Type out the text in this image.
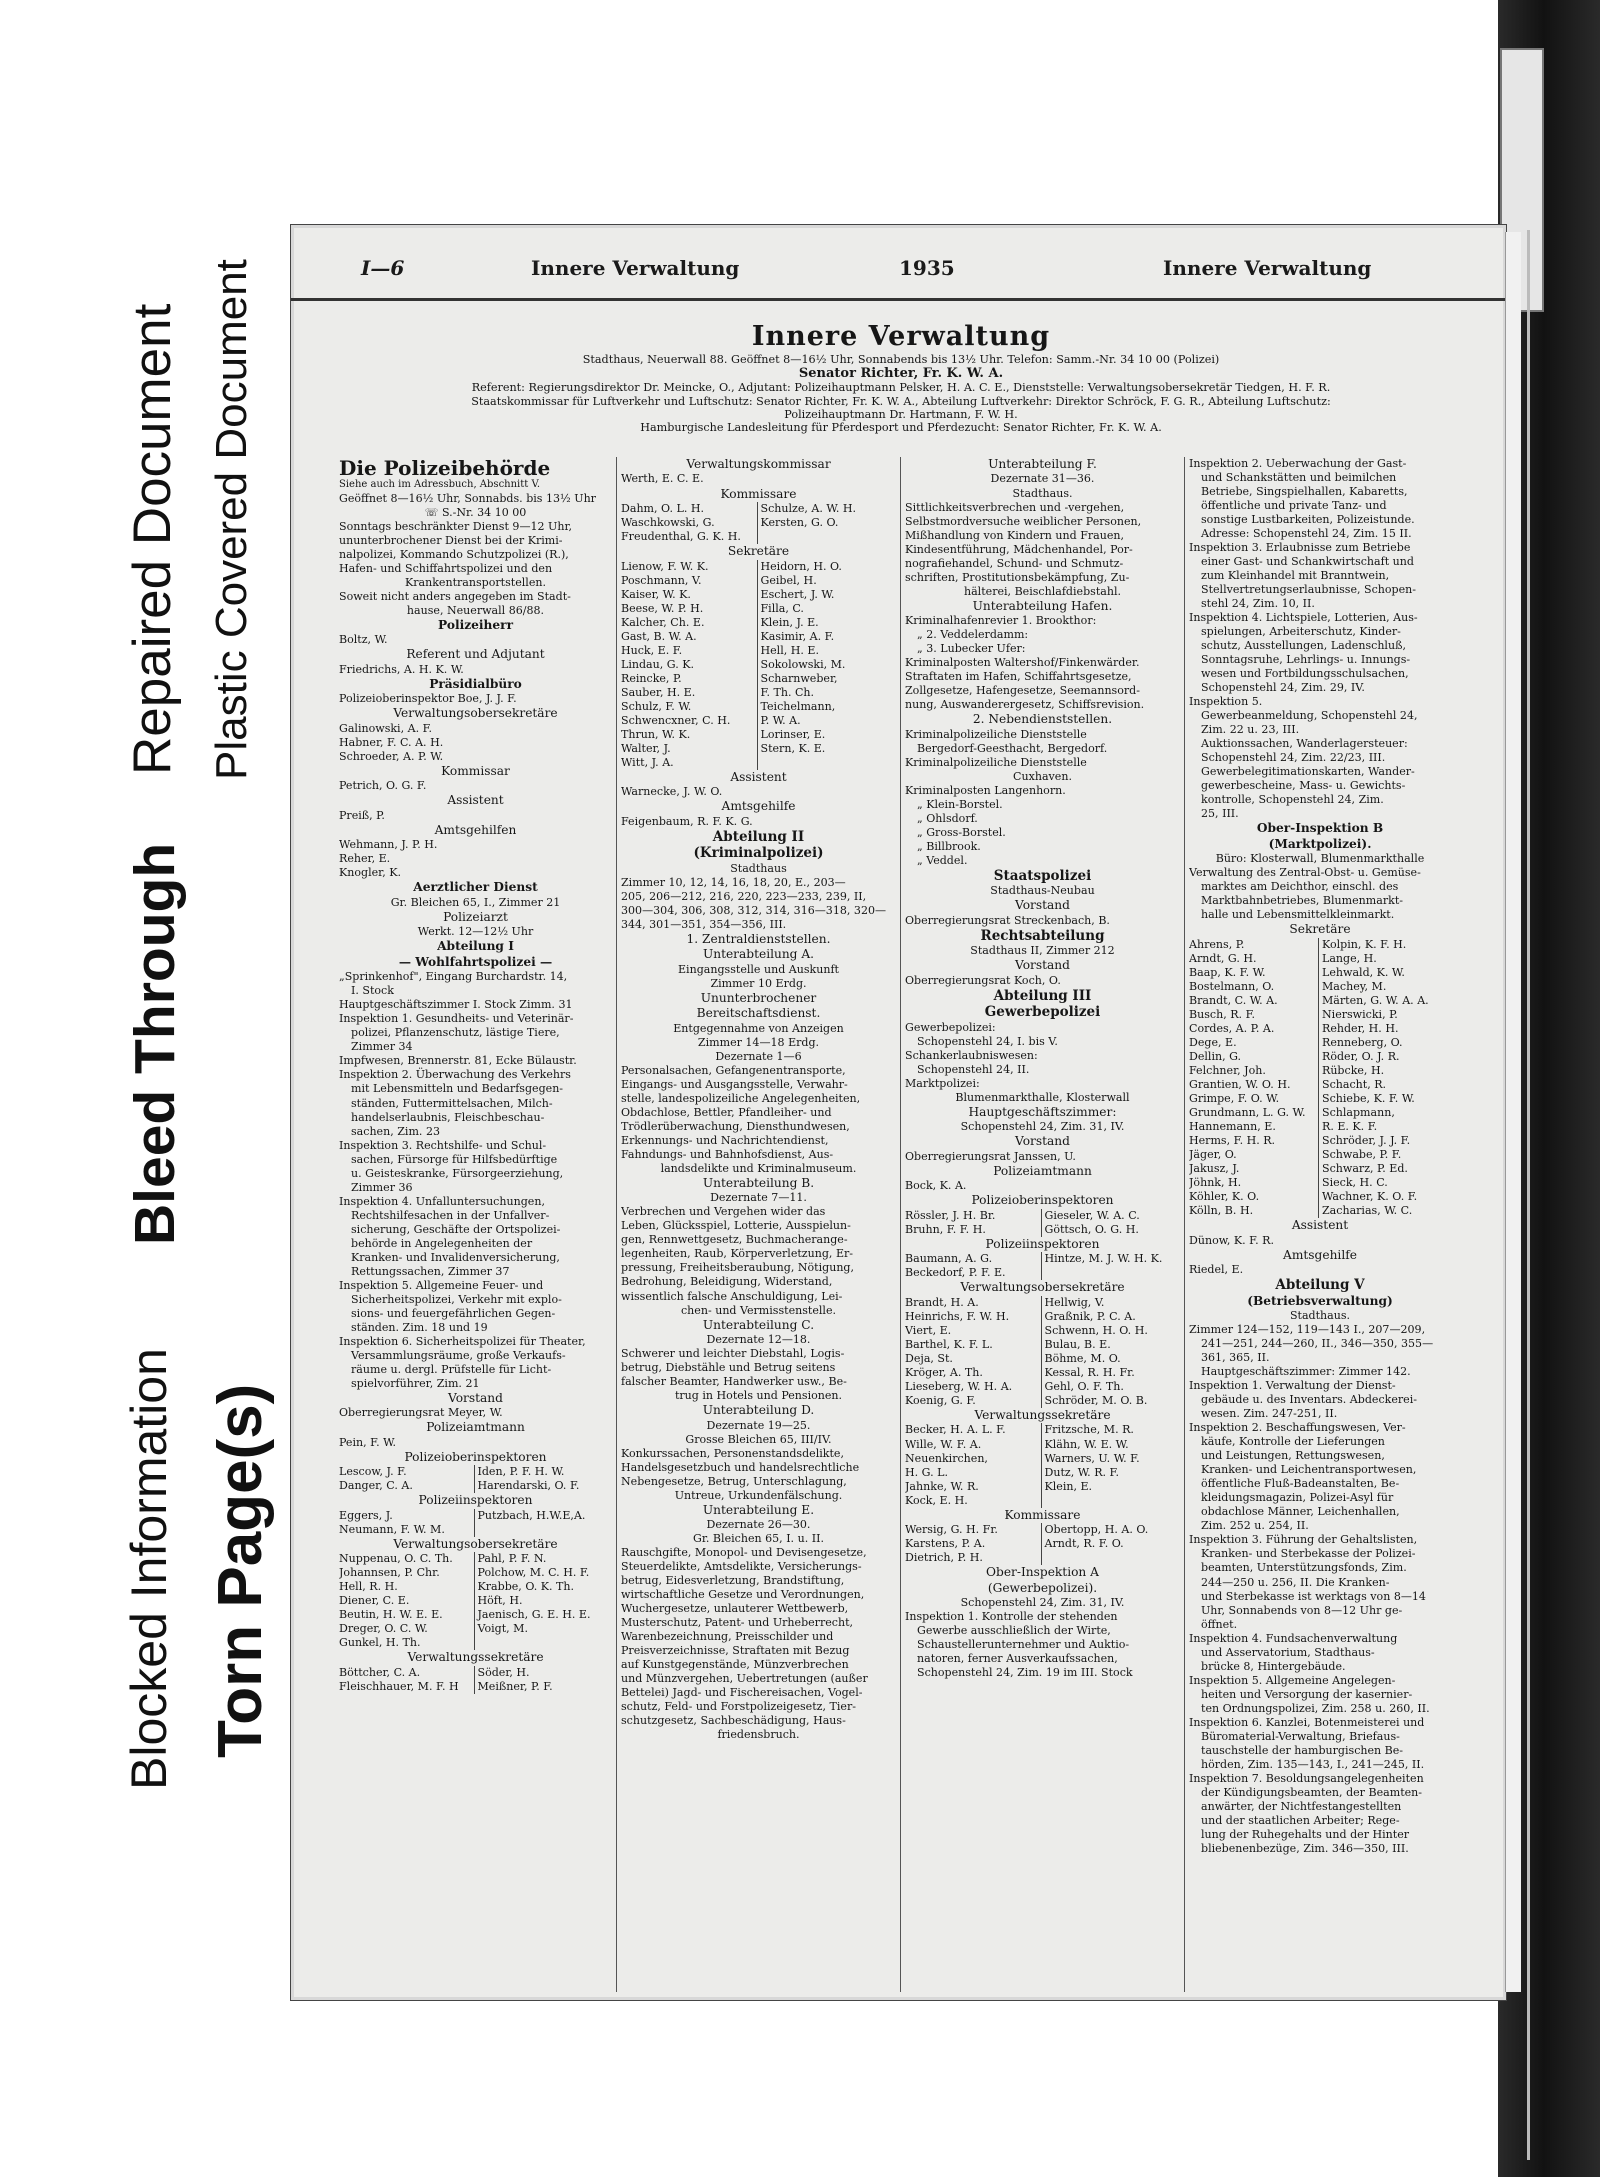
Blocked Information
Bleed Through
Repaired Document
Torn Page(s)
Plastic Covered Document	I—6	Innere Verwaltung	1935	Innere Verwaltung
Innere Verwaltung
Stadthaus, Neuerwall 88. Geöffnet 8—16½ Uhr, Sonnabends bis 13½ Uhr. Telefon: Samm.-Nr. 34 10 00 (Polizei)
Senator Richter, Fr. K. W. A.
Referent: Regierungsdirektor Dr. Meincke, O., Adjutant: Polizeihauptmann Pelsker, H. A. C. E., Dienststelle: Verwaltungsobersekretär Tiedgen, H. F. R.
Staatskommissar für Luftverkehr und Luftschutz: Senator Richter, Fr. K. W. A., Abteilung Luftverkehr: Direktor Schröck, F. G. R., Abteilung Luftschutz:
Polizeihauptmann Dr. Hartmann, F. W. H.
Hamburgische Landesleitung für Pferdesport und Pferdezucht: Senator Richter, Fr. K. W. A.
Die Polizeibehörde
Siehe auch im Adressbuch, Abschnitt V.
Geöffnet 8—16½ Uhr, Sonnabds. bis 13½ Uhr
☏ S.-Nr. 34 10 00
Sonntags beschränkter Dienst 9—12 Uhr,
ununterbrochener Dienst bei der Krimi-
nalpolizei, Kommando Schutzpolizei (R.),
Hafen- und Schiffahrtspolizei und den
Krankentransportstellen.
Soweit nicht anders angegeben im Stadt-
hause, Neuerwall 86/88.
Polizeiherr
Boltz, W.
Referent und Adjutant
Friedrichs, A. H. K. W.
Präsidialbüro
Polizeioberinspektor Boe, J. J. F.
Verwaltungsobersekretäre
Galinowski, A. F.
Habner, F. C. A. H.
Schroeder, A. P. W.
Kommissar
Petrich, O. G. F.
Assistent
Preiß, P.
Amtsgehilfen
Wehmann, J. P. H.
Reher, E.
Knogler, K.
Aerztlicher Dienst
Gr. Bleichen 65, I., Zimmer 21
Polizeiarzt
Werkt. 12—12½ Uhr
Abteilung I
— Wohlfahrtspolizei —
„Sprinkenhof", Eingang Burchardstr. 14,
I. Stock
Hauptgeschäftszimmer I. Stock Zimm. 31
Inspektion 1. Gesundheits- und Veterinär-
polizei, Pflanzenschutz, lästige Tiere,
Zimmer 34
Impfwesen, Brennerstr. 81, Ecke Bülaustr.
Inspektion 2. Überwachung des Verkehrs
mit Lebensmitteln und Bedarfsgegen-
ständen, Futtermittelsachen, Milch-
handelserlaubnis, Fleischbeschau-
sachen, Zim. 23
Inspektion 3. Rechtshilfe- und Schul-
sachen, Fürsorge für Hilfsbedürftige
u. Geisteskranke, Fürsorgeerziehung,
Zimmer 36
Inspektion 4. Unfalluntersuchungen,
Rechtshilfesachen in der Unfallver-
sicherung, Geschäfte der Ortspolizei-
behörde in Angelegenheiten der
Kranken- und Invalidenversicherung,
Rettungssachen, Zimmer 37
Inspektion 5. Allgemeine Feuer- und
Sicherheitspolizei, Verkehr mit explo-
sions- und feuergefährlichen Gegen-
ständen. Zim. 18 und 19
Inspektion 6. Sicherheitspolizei für Theater,
Versammlungsräume, große Verkaufs-
räume u. dergl. Prüfstelle für Licht-
spielvorführer, Zim. 21
Vorstand
Oberregierungsrat Meyer, W.
Polizeiamtmann
Pein, F. W.
Polizeioberinspektoren
Lescow, J. F.	Iden, P. F. H. W.
Danger, C. A.	Harendarski, O. F.
Polizeiinspektoren
Eggers, J.	Putzbach, H.W.E,A.
Neumann, F. W. M.
Verwaltungsobersekretäre
Nuppenau, O. C. Th.	Pahl, P. F. N.
Johannsen, P. Chr.	Polchow, M. C. H. F.
Hell, R. H.	Krabbe, O. K. Th.
Diener, C. E.	Höft, H.
Beutin, H. W. E. E.	Jaenisch, G. E. H. E.
Dreger, O. C. W.	Voigt, M.
Gunkel, H. Th.
Verwaltungssekretäre
Böttcher, C. A.	Söder, H.
Fleischhauer, M. F. H	Meißner, P. F.
Verwaltungskommissar
Werth, E. C. E.
Kommissare
Dahm, O. L. H.	Schulze, A. W. H.
Waschkowski, G.	Kersten, G. O.
Freudenthal, G. K. H.
Sekretäre
Lienow, F. W. K.	Heidorn, H. O.
Poschmann, V.	Geibel, H.
Kaiser, W. K.	Eschert, J. W.
Beese, W. P. H.	Filla, C.
Kalcher, Ch. E.	Klein, J. E.
Gast, B. W. A.	Kasimir, A. F.
Huck, E. F.	Hell, H. E.
Lindau, G. K.	Sokolowski, M.
Reincke, P.	Scharnweber,
Sauber, H. E.	F. Th. Ch.
Schulz, F. W.	Teichelmann,
Schwencxner, C. H.	P. W. A.
Thrun, W. K.	Lorinser, E.
Walter, J.	Stern, K. E.
Witt, J. A.
Assistent
Warnecke, J. W. O.
Amtsgehilfe
Feigenbaum, R. F. K. G.
Abteilung II
(Kriminalpolizei)
Stadthaus
Zimmer 10, 12, 14, 16, 18, 20, E., 203—
205, 206—212, 216, 220, 223—233, 239, II,
300—304, 306, 308, 312, 314, 316—318, 320—
344, 301—351, 354—356, III.
1. Zentraldienststellen.
Unterabteilung A.
Eingangsstelle und Auskunft
Zimmer 10 Erdg.
Ununterbrochener
Bereitschaftsdienst.
Entgegennahme von Anzeigen
Zimmer 14—18 Erdg.
Dezernate 1—6
Personalsachen, Gefangenentransporte,
Eingangs- und Ausgangsstelle, Verwahr-
stelle, landespolizeiliche Angelegenheiten,
Obdachlose, Bettler, Pfandleiher- und
Trödlerüberwachung, Diensthundwesen,
Erkennungs- und Nachrichtendienst,
Fahndungs- und Bahnhofsdienst, Aus-
landsdelikte und Kriminalmuseum.
Unterabteilung B.
Dezernate 7—11.
Verbrechen und Vergehen wider das
Leben, Glücksspiel, Lotterie, Ausspielun-
gen, Rennwettgesetz, Buchmacherange-
legenheiten, Raub, Körperverletzung, Er-
pressung, Freiheitsberaubung, Nötigung,
Bedrohung, Beleidigung, Widerstand,
wissentlich falsche Anschuldigung, Lei-
chen- und Vermisstenstelle.
Unterabteilung C.
Dezernate 12—18.
Schwerer und leichter Diebstahl, Logis-
betrug, Diebstähle und Betrug seitens
falscher Beamter, Handwerker usw., Be-
trug in Hotels und Pensionen.
Unterabteilung D.
Dezernate 19—25.
Grosse Bleichen 65, III/IV.
Konkurssachen, Personenstandsdelikte,
Handelsgesetzbuch und handelsrechtliche
Nebengesetze, Betrug, Unterschlagung,
Untreue, Urkundenfälschung.
Unterabteilung E.
Dezernate 26—30.
Gr. Bleichen 65, I. u. II.
Rauschgifte, Monopol- und Devisengesetze,
Steuerdelikte, Amtsdelikte, Versicherungs-
betrug, Eidesverletzung, Brandstiftung,
wirtschaftliche Gesetze und Verordnungen,
Wuchergesetze, unlauterer Wettbewerb,
Musterschutz, Patent- und Urheberrecht,
Warenbezeichnung, Preisschilder und
Preisverzeichnisse, Straftaten mit Bezug
auf Kunstgegenstände, Münzverbrechen
und Münzvergehen, Uebertretungen (außer
Bettelei) Jagd- und Fischereisachen, Vogel-
schutz, Feld- und Forstpolizeigesetz, Tier-
schutzgesetz, Sachbeschädigung, Haus-
friedensbruch.
Unterabteilung F.
Dezernate 31—36.
Stadthaus.
Sittlichkeitsverbrechen und -vergehen,
Selbstmordversuche weiblicher Personen,
Mißhandlung von Kindern und Frauen,
Kindesentführung, Mädchenhandel, Por-
nografiehandel, Schund- und Schmutz-
schriften, Prostitutionsbekämpfung, Zu-
hälterei, Beischlafdiebstahl.
Unterabteilung Hafen.
Kriminalhafenrevier 1. Brookthor:
„ 2. Veddelerdamm:
„ 3. Lubecker Ufer:
Kriminalposten Waltershof/Finkenwärder.
Straftaten im Hafen, Schiffahrtsgesetze,
Zollgesetze, Hafengesetze, Seemannsord-
nung, Auswanderergesetz, Schiffsrevision.
2. Nebendienststellen.
Kriminalpolizeiliche Dienststelle
Bergedorf-Geesthacht, Bergedorf.
Kriminalpolizeiliche Dienststelle
Cuxhaven.
Kriminalposten Langenhorn.
„ Klein-Borstel.
„ Ohlsdorf.
„ Gross-Borstel.
„ Billbrook.
„ Veddel.
Staatspolizei
Stadthaus-Neubau
Vorstand
Oberregierungsrat Streckenbach, B.
Rechtsabteilung
Stadthaus II, Zimmer 212
Vorstand
Oberregierungsrat Koch, O.
Abteilung III
Gewerbepolizei
Gewerbepolizei:
Schopenstehl 24, I. bis V.
Schankerlaubniswesen:
Schopenstehl 24, II.
Marktpolizei:
Blumenmarkthalle, Klosterwall
Hauptgeschäftszimmer:
Schopenstehl 24, Zim. 31, IV.
Vorstand
Oberregierungsrat Janssen, U.
Polizeiamtmann
Bock, K. A.
Polizeioberinspektoren
Rössler, J. H. Br.	Gieseler, W. A. C.
Bruhn, F. F. H.	Göttsch, O. G. H.
Polizeiinspektoren
Baumann, A. G.	Hintze, M. J. W. H. K.
Beckedorf, P. F. E.
Verwaltungsobersekretäre
Brandt, H. A.	Hellwig, V.
Heinrichs, F. W. H.	Graßnik, P. C. A.
Viert, E.	Schwenn, H. O. H.
Barthel, K. F. L.	Bulau, B. E.
Deja, St.	Böhme, M. O.
Kröger, A. Th.	Kessal, R. H. Fr.
Lieseberg, W. H. A.	Gehl, O. F. Th.
Koenig, G. F.	Schröder, M. O. B.
Verwaltungssekretäre
Becker, H. A. L. F.	Fritzsche, M. R.
Wille, W. F. A.	Klähn, W. E. W.
Neuenkirchen,	Warners, U. W. F.
H. G. L.	Dutz, W. R. F.
Jahnke, W. R.	Klein, E.
Kock, E. H.
Kommissare
Wersig, G. H. Fr.	Obertopp, H. A. O.
Karstens, P. A.	Arndt, R. F. O.
Dietrich, P. H.
Ober-Inspektion A
(Gewerbepolizei).
Schopenstehl 24, Zim. 31, IV.
Inspektion 1. Kontrolle der stehenden
Gewerbe ausschließlich der Wirte,
Schaustellerunternehmer und Auktio-
natoren, ferner Ausverkaufssachen,
Schopenstehl 24, Zim. 19 im III. Stock
Inspektion 2. Ueberwachung der Gast-
und Schankstätten und beimilchen
Betriebe, Singspielhallen, Kabaretts,
öffentliche und private Tanz- und
sonstige Lustbarkeiten, Polizeistunde.
Adresse: Schopenstehl 24, Zim. 15 II.
Inspektion 3. Erlaubnisse zum Betriebe
einer Gast- und Schankwirtschaft und
zum Kleinhandel mit Branntwein,
Stellvertretungserlaubnisse, Schopen-
stehl 24, Zim. 10, II.
Inspektion 4. Lichtspiele, Lotterien, Aus-
spielungen, Arbeiterschutz, Kinder-
schutz, Ausstellungen, Ladenschluß,
Sonntagsruhe, Lehrlings- u. Innungs-
wesen und Fortbildungsschulsachen,
Schopenstehl 24, Zim. 29, IV.
Inspektion 5.
Gewerbeanmeldung, Schopenstehl 24,
Zim. 22 u. 23, III.
Auktionssachen, Wanderlagersteuer:
Schopenstehl 24, Zim. 22/23, III.
Gewerbelegitimationskarten, Wander-
gewerbescheine, Mass- u. Gewichts-
kontrolle, Schopenstehl 24, Zim.
25, III.
Ober-Inspektion B
(Marktpolizei).
Büro: Klosterwall, Blumenmarkthalle
Verwaltung des Zentral-Obst- u. Gemüse-
marktes am Deichthor, einschl. des
Marktbahnbetriebes, Blumenmarkt-
halle und Lebensmittelkleinmarkt.
Sekretäre
Ahrens, P.	Kolpin, K. F. H.
Arndt, G. H.	Lange, H.
Baap, K. F. W.	Lehwald, K. W.
Bostelmann, O.	Machey, M.
Brandt, C. W. A.	Märten, G. W. A. A.
Busch, R. F.	Nierswicki, P.
Cordes, A. P. A.	Rehder, H. H.
Dege, E.	Renneberg, O.
Dellin, G.	Röder, O. J. R.
Felchner, Joh.	Rübcke, H.
Grantien, W. O. H.	Schacht, R.
Grimpe, F. O. W.	Schiebe, K. F. W.
Grundmann, L. G. W.	Schlapmann,
Hannemann, E.	R. E. K. F.
Herms, F. H. R.	Schröder, J. J. F.
Jäger, O.	Schwabe, P. F.
Jakusz, J.	Schwarz, P. Ed.
Jöhnk, H.	Sieck, H. C.
Köhler, K. O.	Wachner, K. O. F.
Kölln, B. H.	Zacharias, W. C.
Assistent
Dünow, K. F. R.
Amtsgehilfe
Riedel, E.
Abteilung V
(Betriebsverwaltung)
Stadthaus.
Zimmer 124—152, 119—143 I., 207—209,
241—251, 244—260, II., 346—350, 355—
361, 365, II.
Hauptgeschäftszimmer: Zimmer 142.
Inspektion 1. Verwaltung der Dienst-
gebäude u. des Inventars. Abdeckerei-
wesen. Zim. 247-251, II.
Inspektion 2. Beschaffungswesen, Ver-
käufe, Kontrolle der Lieferungen
und Leistungen, Rettungswesen,
Kranken- und Leichentransportwesen,
öffentliche Fluß-Badeanstalten, Be-
kleidungsmagazin, Polizei-Asyl für
obdachlose Männer, Leichenhallen,
Zim. 252 u. 254, II.
Inspektion 3. Führung der Gehaltslisten,
Kranken- und Sterbekasse der Polizei-
beamten, Unterstützungsfonds, Zim.
244—250 u. 256, II. Die Kranken-
und Sterbekasse ist werktags von 8—14
Uhr, Sonnabends von 8—12 Uhr ge-
öffnet.
Inspektion 4. Fundsachenverwaltung
und Asservatorium, Stadthaus-
brücke 8, Hintergebäude.
Inspektion 5. Allgemeine Angelegen-
heiten und Versorgung der kasernier-
ten Ordnungspolizei, Zim. 258 u. 260, II.
Inspektion 6. Kanzlei, Botenmeisterei und
Büromaterial-Verwaltung, Briefaus-
tauschstelle der hamburgischen Be-
hörden, Zim. 135—143, I., 241—245, II.
Inspektion 7. Besoldungsangelegenheiten
der Kündigungsbeamten, der Beamten-
anwärter, der Nichtfestangestellten
und der staatlichen Arbeiter; Rege-
lung der Ruhegehalts und der Hinter
bliebenenbezüge, Zim. 346—350, III.
